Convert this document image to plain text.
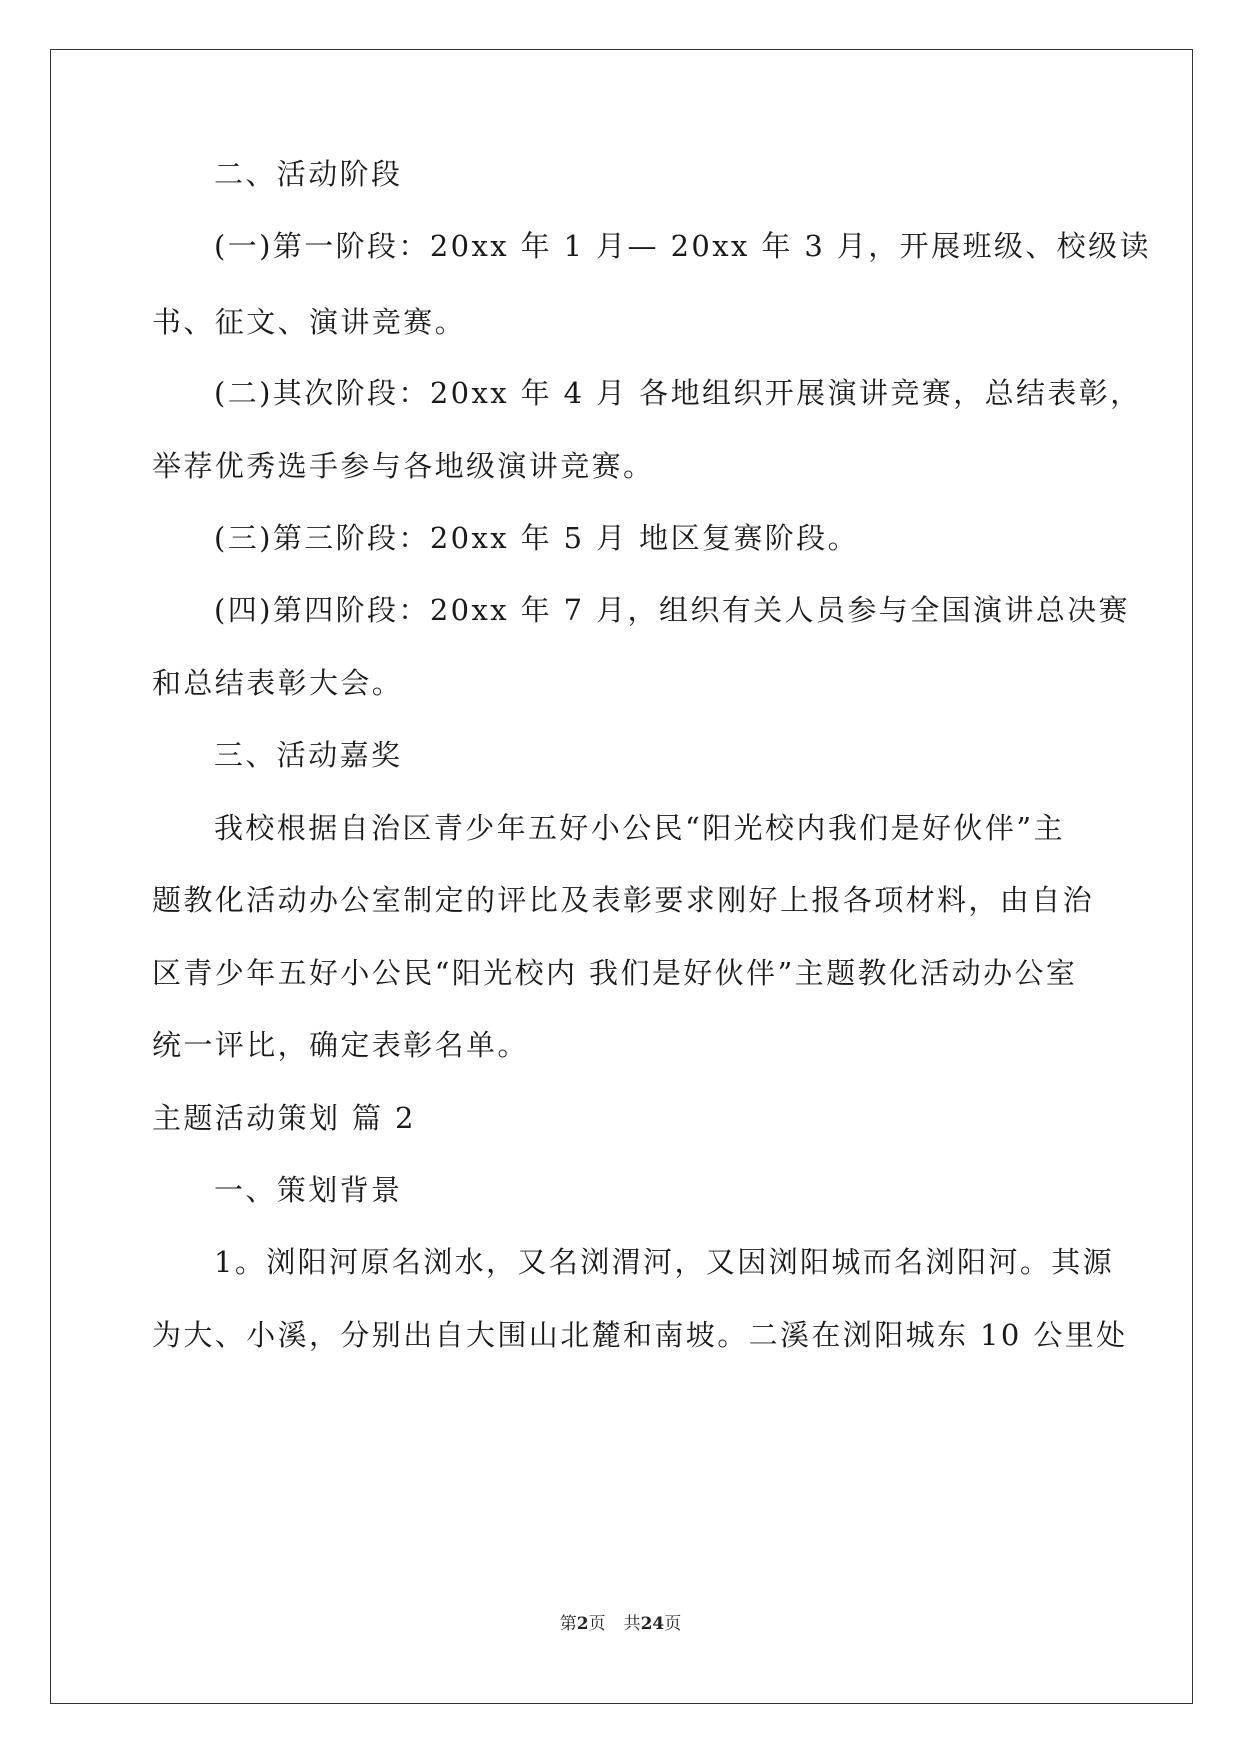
二、活动阶段

(一)第一阶段：20xx 年 1 月— 20xx 年 3 月，开展班级、校级读

书、征文、演讲竞赛。

(二)其次阶段：20xx 年 4 月 各地组织开展演讲竞赛，总结表彰，

举荐优秀选手参与各地级演讲竞赛。

(三)第三阶段：20xx 年 5 月 地区复赛阶段。

(四)第四阶段：20xx 年 7 月，组织有关人员参与全国演讲总决赛

和总结表彰大会。

三、活动嘉奖

我校根据自治区青少年五好小公民“阳光校内我们是好伙伴”主

题教化活动办公室制定的评比及表彰要求刚好上报各项材料，由自治

区青少年五好小公民“阳光校内 我们是好伙伴”主题教化活动办公室

统一评比，确定表彰名单。

主题活动策划 篇 2

一、策划背景

1。浏阳河原名浏水，又名浏渭河，又因浏阳城而名浏阳河。其源

为大、小溪，分别出自大围山北麓和南坡。二溪在浏阳城东 10 公里处

第2页 共24页
